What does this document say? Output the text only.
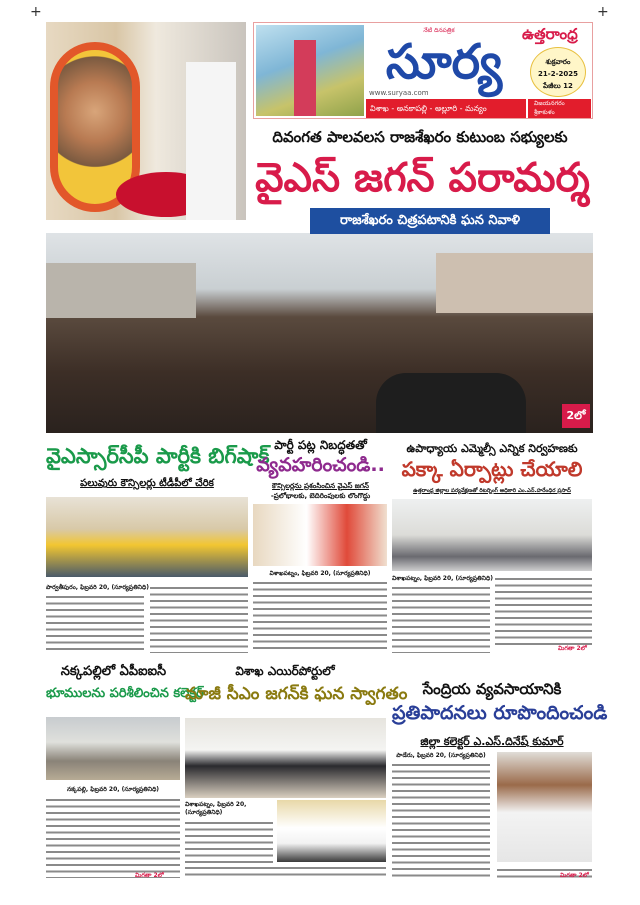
+	+
నేటి దినపత్రిక
సూర్య
www.suryaa.com
ఉత్తరాంధ్ర
శుక్రవారం
21-2-2025
పేజీలు 12
విశాఖ - అనకాపల్లి - అల్లూరి - మన్యం
విజయనగరం
శ్రీకాకుళం
దివంగత పాలవలస రాజశేఖరం కుటుంబ సభ్యులకు
వైఎస్ జగన్ పరామర్శ
రాజశేఖరం చిత్రపటానికి ఘన నివాళి
2లో
వైఎస్సార్‌సీపీ పార్టీకి బిగ్‌షాక్
పలువురు కౌన్సిలర్లు టీడీపీలో చేరిక
పార్వతీపురం, ఫిబ్రవరి 20, (సూర్యప్రతినిధి)
పార్టీ పట్ల నిబద్ధతతో
వ్యవహరించండి..
కౌన్సిలర్లను ప్రశంసించిన వైఎస్ జగన్
-ప్రలోభాలకు, బెదిరింపులకు లొంగొద్దు
విశాఖపట్నం, ఫిబ్రవరి 20, (సూర్యప్రతినిధి)
ఉపాధ్యాయ ఎమ్మెల్సీ ఎన్నిక నిర్వహణకు
పక్కా ఏర్పాట్లు చేయాలి
ఉత్తరాంధ్ర జిల్లాల పర్యవేక్షణతో రిటర్నింగ్ అధికారి ఎం.ఎన్.హరేంధిర ప్రసాద్
విశాఖపట్నం, ఫిబ్రవరి 20, (సూర్యప్రతినిధి)
మిగతా 2లో
నక్కపల్లిలో ఏపీఐఐసీ
భూములను పరిశీలించిన కలెక్టర్
నక్కపల్లి, ఫిబ్రవరి 20, (సూర్యప్రతినిధి)
మిగతా 2లో
విశాఖ ఎయిర్‌పోర్టులో
మాజీ సీఎం జగన్‌కి ఘన స్వాగతం
విశాఖపట్నం, ఫిబ్రవరి 20, (సూర్యప్రతినిధి)
సేంద్రియ వ్యవసాయానికి
ప్రతిపాదనలు రూపొందించండి
జిల్లా కలెక్టర్ ఎ.ఎస్.దినేష్ కుమార్
పాడేరు, ఫిబ్రవరి 20, (సూర్యప్రతినిధి)
మిగతా 2లో
